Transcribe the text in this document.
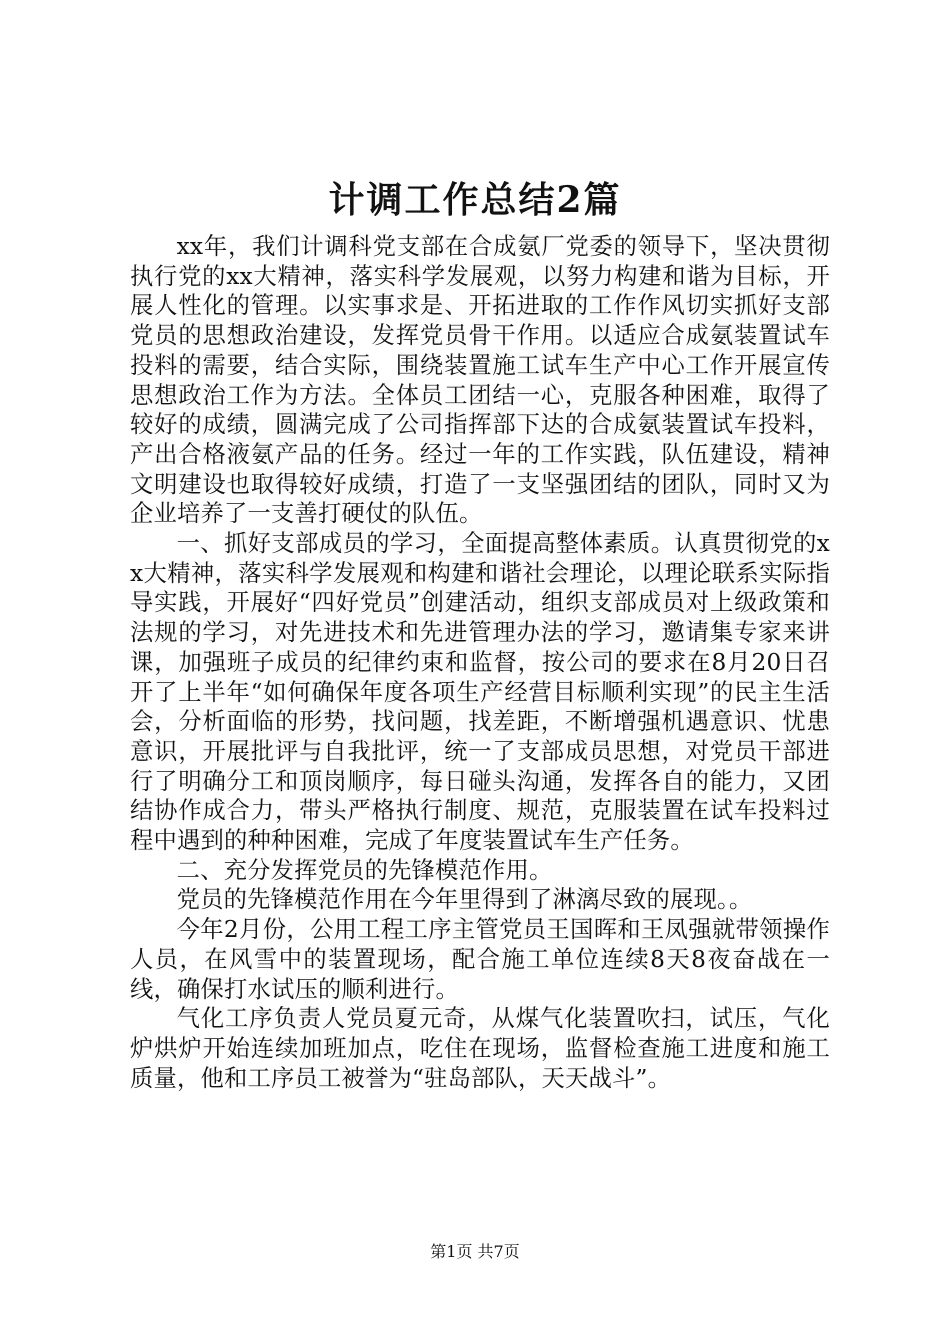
计调工作总结2篇

xx年，我们计调科党支部在合成氨厂党委的领导下，坚决贯彻执行党的xx大精神，落实科学发展观，以努力构建和谐为目标，开展人性化的管理。以实事求是、开拓进取的工作作风切实抓好支部党员的思想政治建设，发挥党员骨干作用。以适应合成氨装置试车投料的需要，结合实际，围绕装置施工试车生产中心工作开展宣传思想政治工作为方法。全体员工团结一心，克服各种困难，取得了较好的成绩，圆满完成了公司指挥部下达的合成氨装置试车投料，产出合格液氨产品的任务。经过一年的工作实践，队伍建设，精神文明建设也取得较好成绩，打造了一支坚强团结的团队，同时又为企业培养了一支善打硬仗的队伍。

一、抓好支部成员的学习，全面提高整体素质。认真贯彻党的xx大精神，落实科学发展观和构建和谐社会理论，以理论联系实际指导实践，开展好“四好党员”创建活动，组织支部成员对上级政策和法规的学习，对先进技术和先进管理办法的学习，邀请集专家来讲课，加强班子成员的纪律约束和监督，按公司的要求在8月20日召开了上半年“如何确保年度各项生产经营目标顺利实现”的民主生活会，分析面临的形势，找问题，找差距，不断增强机遇意识、忧患意识，开展批评与自我批评，统一了支部成员思想，对党员干部进行了明确分工和顶岗顺序，每日碰头沟通，发挥各自的能力，又团结协作成合力，带头严格执行制度、规范，克服装置在试车投料过程中遇到的种种困难，完成了年度装置试车生产任务。

二、充分发挥党员的先锋模范作用。

党员的先锋模范作用在今年里得到了淋漓尽致的展现。。

今年2月份，公用工程工序主管党员王国晖和王凤强就带领操作人员，在风雪中的装置现场，配合施工单位连续8天8夜奋战在一线，确保打水试压的顺利进行。

气化工序负责人党员夏元奇，从煤气化装置吹扫，试压，气化炉烘炉开始连续加班加点，吃住在现场，监督检查施工进度和施工质量，他和工序员工被誉为“驻岛部队，天天战斗”。

第1页 共7页
